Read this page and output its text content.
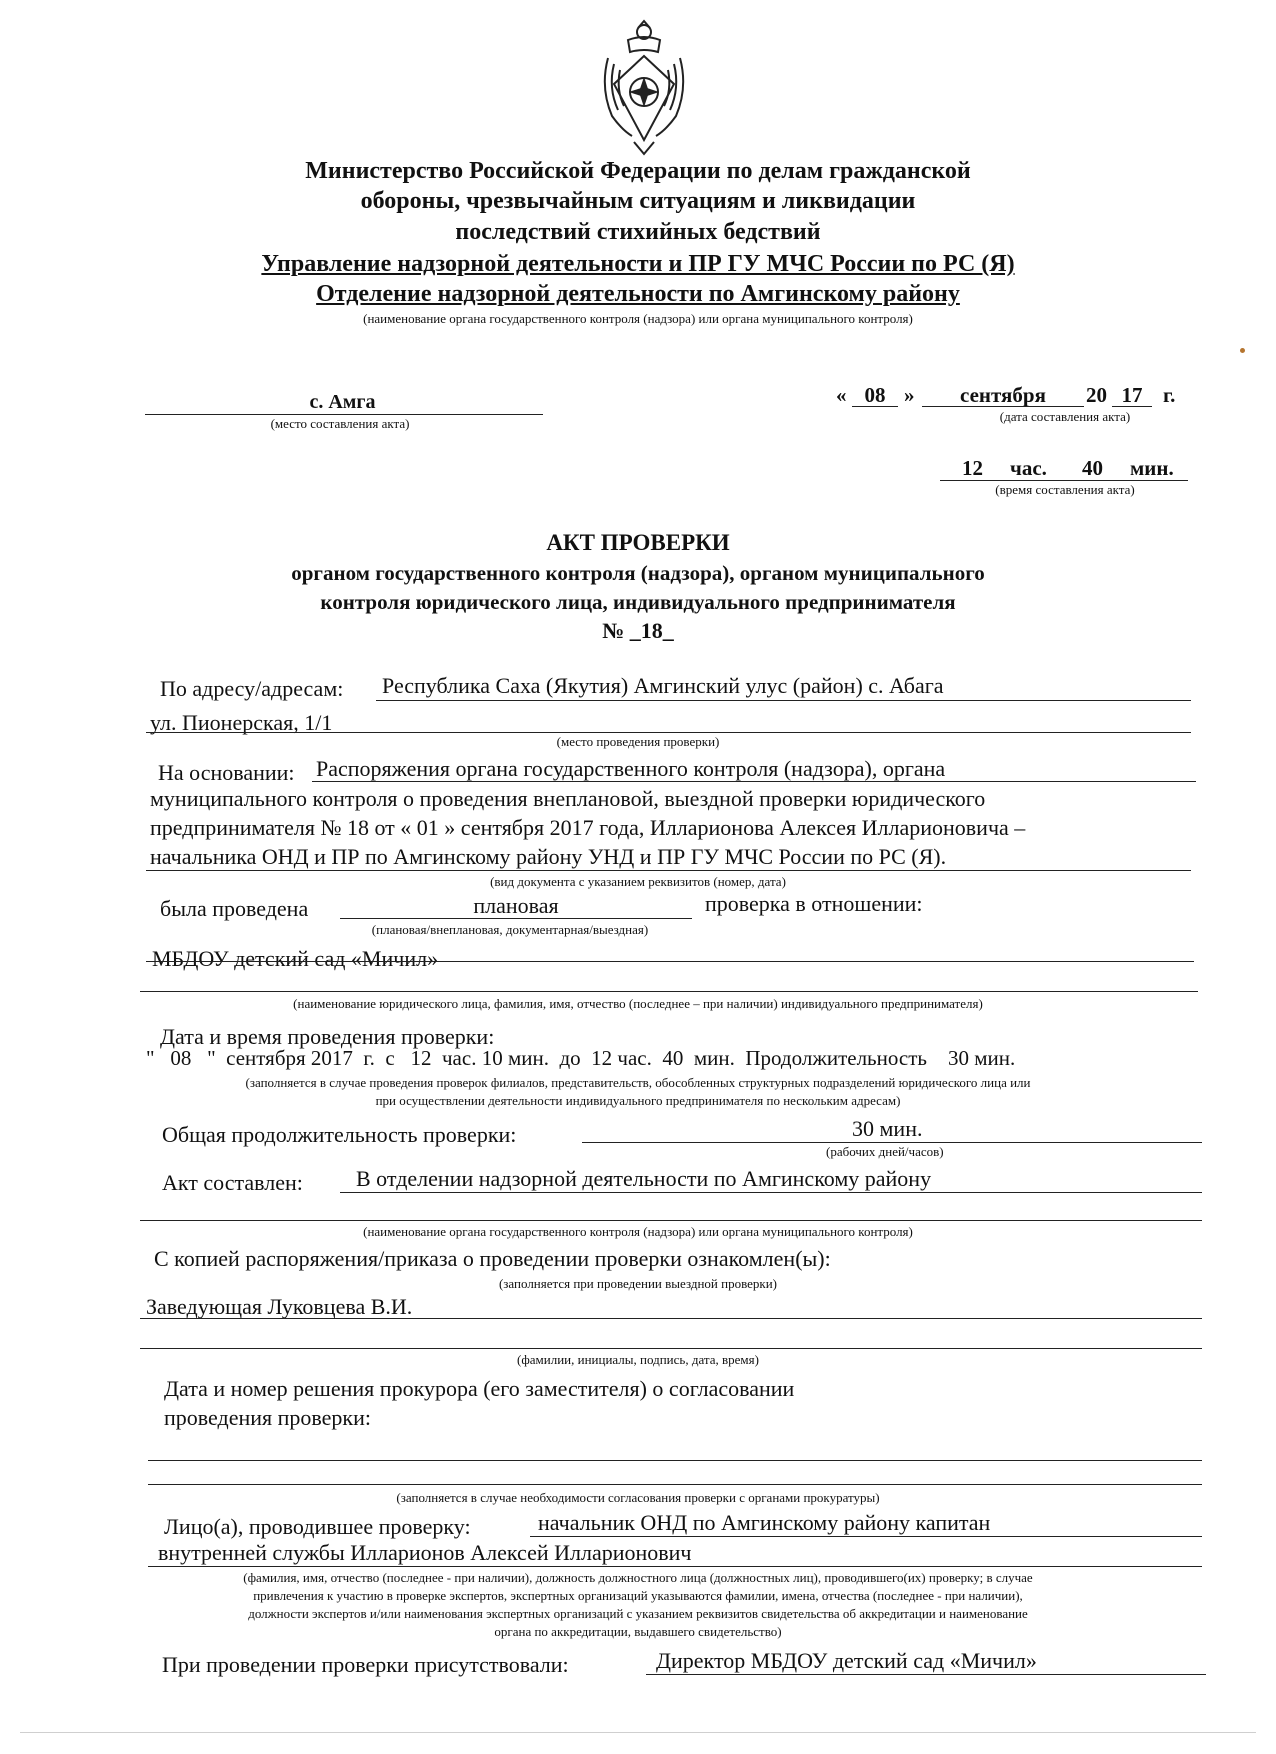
Министерство Российской Федерации по делам гражданской
обороны, чрезвычайным ситуациям и ликвидации
последствий стихийных бедствий
Управление надзорной деятельности и ПР ГУ МЧС России по РС (Я)
Отделение надзорной деятельности по Амгинскому району
(наименование органа государственного контроля (надзора) или органа муниципального контроля)
с. Амга
(место составления акта)
« 08 »	сентября	20 17 г.
(дата составления акта)
12 час. 40 мин.
(время составления акта)
АКТ ПРОВЕРКИ
органом государственного контроля (надзора), органом муниципального
контроля юридического лица, индивидуального предпринимателя
№ _18_
По адресу/адресам: Республика Саха (Якутия) Амгинский улус (район) с. Абага
ул. Пионерская, 1/1
(место проведения проверки)
На основании: Распоряжения органа государственного контроля (надзора), органа
муниципального контроля о проведения внеплановой, выездной проверки юридического
предпринимателя № 18 от « 01 » сентября 2017 года, Илларионова Алексея Илларионовича –
начальника ОНД и ПР по Амгинскому району УНД и ПР ГУ МЧС России по РС (Я).
(вид документа с указанием реквизитов (номер, дата)
была проведена	плановая	проверка в отношении:
(плановая/внеплановая, документарная/выездная)
МБДОУ детский сад «Мичил»
(наименование юридического лица, фамилия, имя, отчество (последнее – при наличии) индивидуального предпринимателя)
Дата и время проведения проверки:
"   08   "  сентября 2017  г.  с   12  час. 10 мин.  до  12 час.  40  мин.  Продолжительность    30 мин.
(заполняется в случае проведения проверок филиалов, представительств, обособленных структурных подразделений юридического лица или
при осуществлении деятельности индивидуального предпринимателя по нескольким адресам)
Общая продолжительность проверки:	30 мин.
(рабочих дней/часов)
Акт составлен: В отделении надзорной деятельности по Амгинскому району
(наименование органа государственного контроля (надзора) или органа муниципального контроля)
С копией распоряжения/приказа о проведении проверки ознакомлен(ы):
(заполняется при проведении выездной проверки)
Заведующая Луковцева В.И.
(фамилии, инициалы, подпись, дата, время)
Дата и номер решения прокурора (его заместителя) о согласовании
проведения проверки:
(заполняется в случае необходимости согласования проверки с органами прокуратуры)
Лицо(а), проводившее проверку:	начальник ОНД по Амгинскому району капитан
внутренней службы Илларионов Алексей Илларионович
(фамилия, имя, отчество (последнее - при наличии), должность должностного лица (должностных лиц), проводившего(их) проверку; в случае
привлечения к участию в проверке экспертов, экспертных организаций указываются фамилии, имена, отчества (последнее - при наличии),
должности экспертов и/или наименования экспертных организаций с указанием реквизитов свидетельства об аккредитации и наименование
органа по аккредитации, выдавшего свидетельство)
При проведении проверки присутствовали:	Директор МБДОУ детский сад «Мичил»
